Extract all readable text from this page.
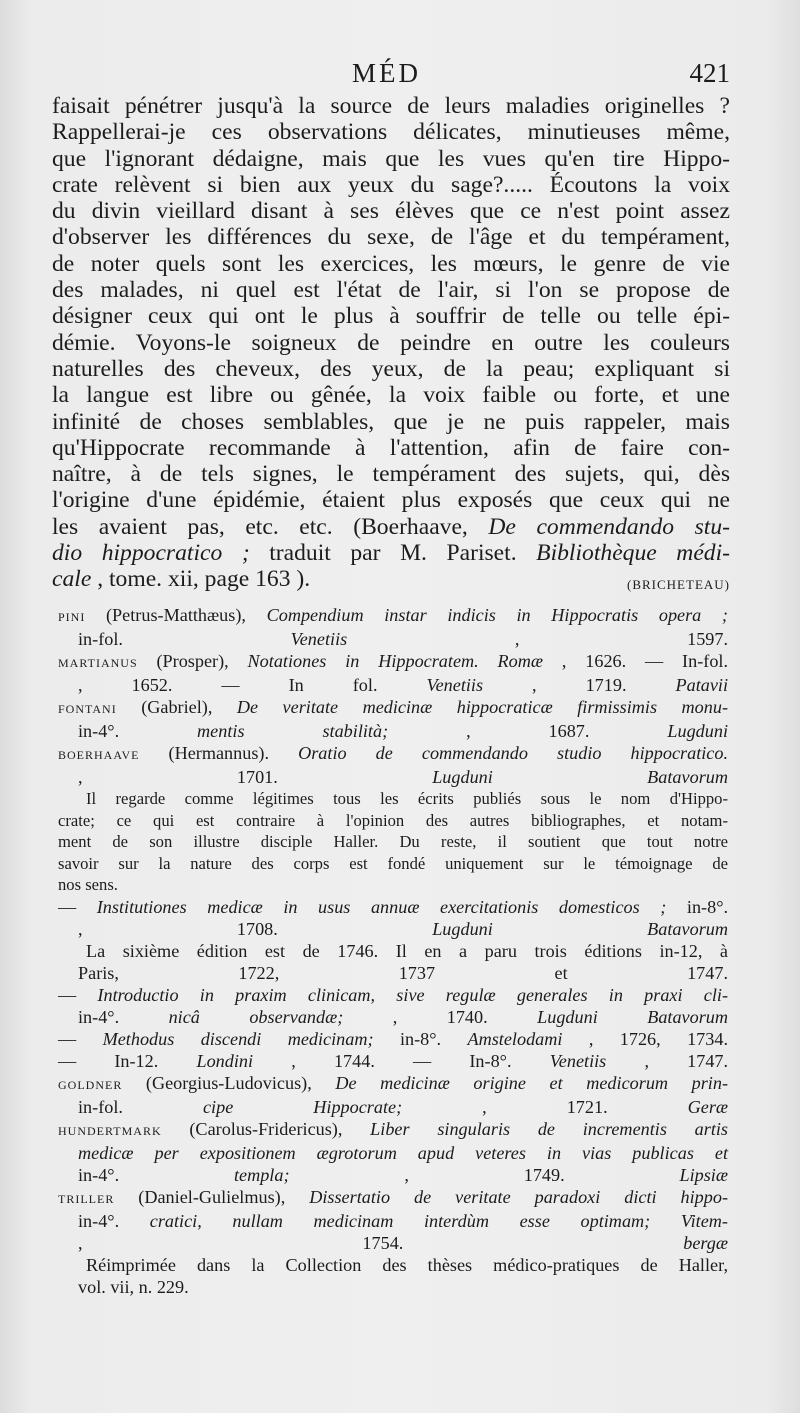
MÉD	421
faisait pénétrer jusqu'à la source de leurs maladies originelles ?
Rappellerai-je ces observations délicates, minutieuses même,
que l'ignorant dédaigne, mais que les vues qu'en tire Hippo-
crate relèvent si bien aux yeux du sage?..... Écoutons la voix
du divin vieillard disant à ses élèves que ce n'est point assez
d'observer les différences du sexe, de l'âge et du tempérament,
de noter quels sont les exercices, les mœurs, le genre de vie
des malades, ni quel est l'état de l'air, si l'on se propose de
désigner ceux qui ont le plus à souffrir de telle ou telle épi-
démie. Voyons-le soigneux de peindre en outre les couleurs
naturelles des cheveux, des yeux, de la peau; expliquant si
la langue est libre ou gênée, la voix faible ou forte, et une
infinité de choses semblables, que je ne puis rappeler, mais
qu'Hippocrate recommande à l'attention, afin de faire con-
naître, à de tels signes, le tempérament des sujets, qui, dès
l'origine d'une épidémie, étaient plus exposés que ceux qui ne
les avaient pas, etc. etc. (Boerhaave, De commendando stu-
dio hippocratico ; traduit par M. Pariset. Bibliothèque médi-
cale , tome. xii, page 163 ).	(BRICHETEAU)
PINI (Petrus-Matthæus), Compendium instar indicis in Hippocratis opera ;
in-fol.	Venetiis	, 1597.
MARTIANUS (Prosper), Notationes in Hippocratem. Romæ , 1626. — In-fol.
, 1652. — In fol.	Venetiis	, 1719.	Patavii
FONTANI (Gabriel), De veritate medicinæ hippocraticæ firmissimis monu-
in-4°.	mentis stabilità;	, 1687.	Lugduni
BOERHAAVE (Hermannus). Oratio de commendando studio hippocratico.
, 1701.	Lugduni Batavorum
Il regarde comme légitimes tous les écrits publiés sous le nom d'Hippo-
crate; ce qui est contraire à l'opinion des autres bibliographes, et notam-
ment de son illustre disciple Haller. Du reste, il soutient que tout notre
savoir sur la nature des corps est fondé uniquement sur le témoignage de
nos sens.
— Institutiones medicæ in usus annuæ exercitationis domesticos ; in-8°.
, 1708.	Lugduni Batavorum
La sixième édition est de 1746. Il en a paru trois éditions in-12, à
Paris, 1722, 1737 et 1747.
— Introductio in praxim clinicam, sive regulæ generales in praxi cli-
in-4°.	nicâ observandæ;	, 1740.	Lugduni Batavorum
— Methodus discendi medicinam; in-8°. Amstelodami , 1726, 1734.
— In-12. Londini , 1744. — In-8°. Venetiis , 1747.
GOLDNER (Georgius-Ludovicus), De medicinæ origine et medicorum prin-
in-fol.	cipe Hippocrate;	, 1721.	Geræ
HUNDERTMARK (Carolus-Fridericus), Liber singularis de incrementis artis
medicæ per expositionem ægrotorum apud veteres in vias publicas et
in-4°.	templa;	, 1749.	Lipsiæ
TRILLER (Daniel-Gulielmus), Dissertatio de veritate paradoxi dicti hippo-
in-4°. cratici, nullam medicinam interdùm esse optimam; Vitem-
, 1754.	bergæ
Réimprimée dans la Collection des thèses médico-pratiques de Haller,
vol. vii, n. 229.
